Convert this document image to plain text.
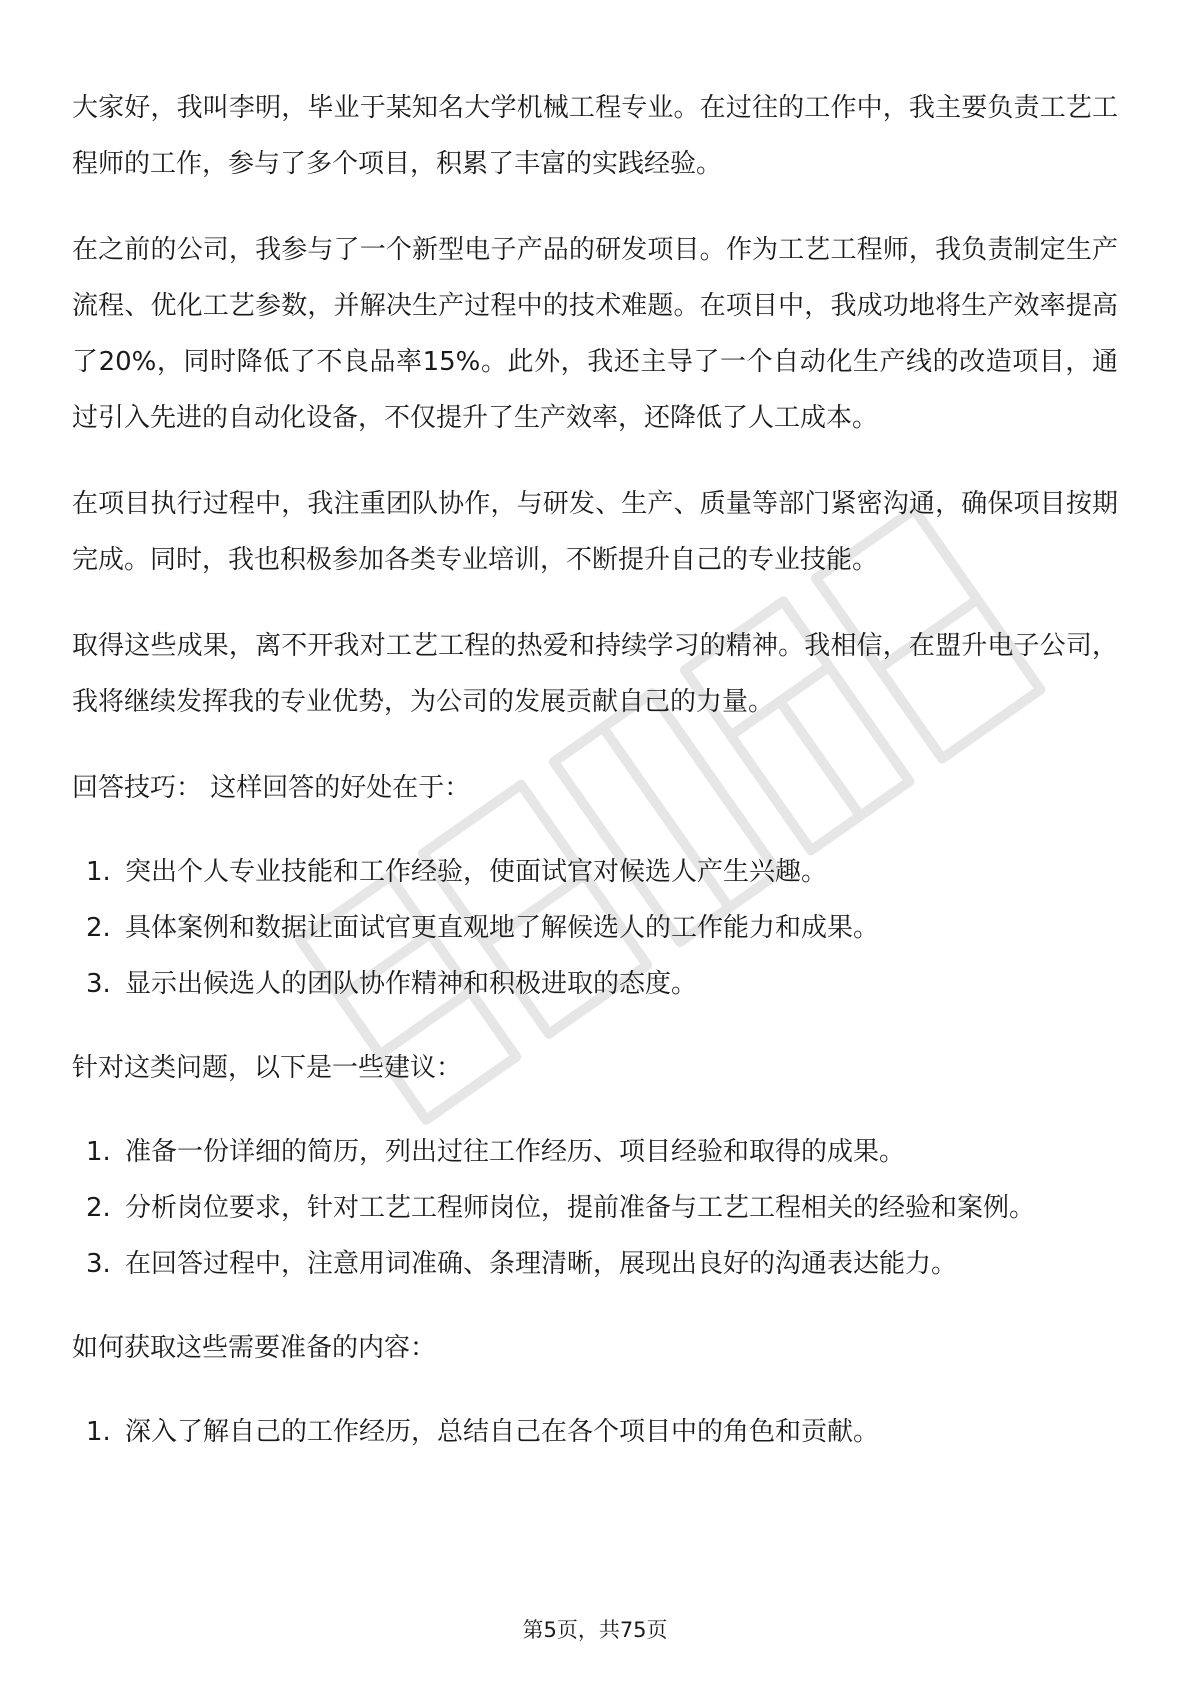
大家好，我叫李明，毕业于某知名大学机械工程专业。在过往的工作中，我主要负责工艺工程师的工作，参与了多个项目，积累了丰富的实践经验。

在之前的公司，我参与了一个新型电子产品的研发项目。作为工艺工程师，我负责制定生产流程、优化工艺参数，并解决生产过程中的技术难题。在项目中，我成功地将生产效率提高了20%，同时降低了不良品率15%。此外，我还主导了一个自动化生产线的改造项目，通过引入先进的自动化设备，不仅提升了生产效率，还降低了人工成本。

在项目执行过程中，我注重团队协作，与研发、生产、质量等部门紧密沟通，确保项目按期完成。同时，我也积极参加各类专业培训，不断提升自己的专业技能。

取得这些成果，离不开我对工艺工程的热爱和持续学习的精神。我相信，在盟升电子公司，我将继续发挥我的专业优势，为公司的发展贡献自己的力量。

回答技巧： 这样回答的好处在于：

1. 突出个人专业技能和工作经验，使面试官对候选人产生兴趣。
2. 具体案例和数据让面试官更直观地了解候选人的工作能力和成果。
3. 显示出候选人的团队协作精神和积极进取的态度。

针对这类问题，以下是一些建议：

1. 准备一份详细的简历，列出过往工作经历、项目经验和取得的成果。
2. 分析岗位要求，针对工艺工程师岗位，提前准备与工艺工程相关的经验和案例。
3. 在回答过程中，注意用词准确、条理清晰，展现出良好的沟通表达能力。

如何获取这些需要准备的内容：

1. 深入了解自己的工作经历，总结自己在各个项目中的角色和贡献。
第5页，共75页
